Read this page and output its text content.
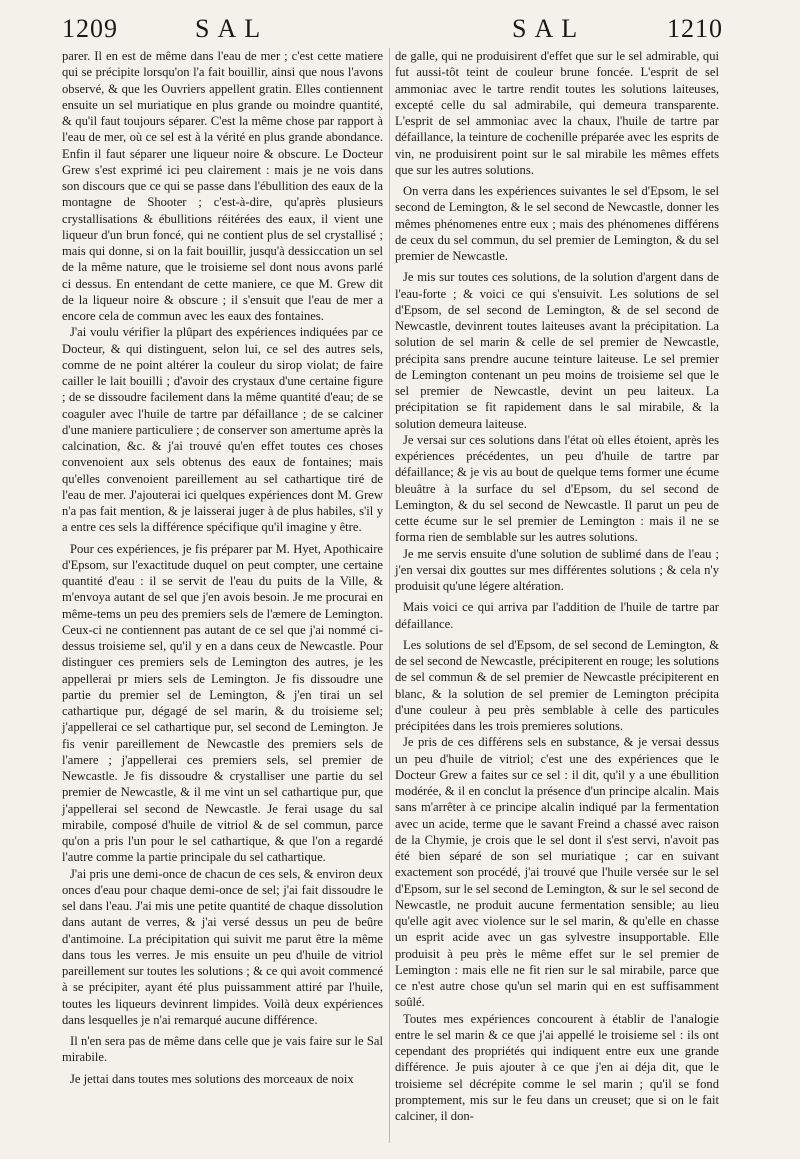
1209	SAL	SAL	1210

parer. Il en est de même dans l'eau de mer ; c'est cette matiere qui se précipite lorsqu'on l'a fait bouillir, ainsi que nous l'avons observé, & que les Ouvriers appellent gratin. Elles contiennent ensuite un sel muriatique en plus grande ou moindre quantité, & qu'il faut toujours séparer. C'est la même chose par rapport à l'eau de mer, où ce sel est à la vérité en plus grande abondance. Enfin il faut séparer une liqueur noire & obscure. Le Docteur Grew s'est exprimé ici peu clairement : mais je ne vois dans son discours que ce qui se passe dans l'ébullition des eaux de la montagne de Shooter ; c'est-à-dire, qu'après plusieurs crystallisations & ébullitions réitérées des eaux, il vient une liqueur d'un brun foncé, qui ne contient plus de sel crystallisé ; mais qui donne, si on la fait bouillir, jusqu'à dessiccation un sel de la même nature, que le troisieme sel dont nous avons parlé ci dessus. En entendant de cette maniere, ce que M. Grew dit de la liqueur noire & obscure ; il s'ensuit que l'eau de mer a encore cela de commun avec les eaux des fontaines.

J'ai voulu vérifier la plûpart des expériences indiquées par ce Docteur, & qui distinguent, selon lui, ce sel des autres sels, comme de ne point altérer la couleur du sirop violat; de faire cailler le lait bouilli ; d'avoir des crystaux d'une certaine figure ; de se dissoudre facilement dans la même quantité d'eau; de se coaguler avec l'huile de tartre par défaillance ; de se calciner d'une maniere particuliere ; de conserver son amertume après la calcination, &c. & j'ai trouvé qu'en effet toutes ces choses convenoient aux sels obtenus des eaux de fontaines; mais qu'elles convenoient pareillement au sel cathartique tiré de l'eau de mer. J'ajouterai ici quelques expériences dont M. Grew n'a pas fait mention, & je laisserai juger à de plus habiles, s'il y a entre ces sels la différence spécifique qu'il imagine y être.

Pour ces expériences, je fis préparer par M. Hyet, Apothicaire d'Epsom, sur l'exactitude duquel on peut compter, une certaine quantité d'eau : il se servit de l'eau du puits de la Ville, & m'envoya autant de sel que j'en avois besoin. Je me procurai en même-tems un peu des premiers sels de l'æmere de Lemington. Ceux-ci ne contiennent pas autant de ce sel que j'ai nommé ci-dessus troisieme sel, qu'il y en a dans ceux de Newcastle. Pour distinguer ces premiers sels de Lemington des autres, je les appellerai pr miers sels de Lemington. Je fis dissoudre une partie du premier sel de Lemington, & j'en tirai un sel cathartique pur, dégagé de sel marin, & du troisieme sel; j'appellerai ce sel cathartique pur, sel second de Lemington. Je fis venir pareillement de Newcastle des premiers sels de l'amere ; j'appellerai ces premiers sels, sel premier de Newcastle. Je fis dissoudre & crystalliser une partie du sel premier de Newcastle, & il me vint un sel cathartique pur, que j'appellerai sel second de Newcastle. Je ferai usage du sal mirabile, composé d'huile de vitriol & de sel commun, parce qu'on a pris l'un pour le sel cathartique, & que l'on a regardé l'autre comme la partie principale du sel cathartique.

J'ai pris une demi-once de chacun de ces sels, & environ deux onces d'eau pour chaque demi-once de sel; j'ai fait dissoudre le sel dans l'eau. J'ai mis une petite quantité de chaque dissolution dans autant de verres, & j'ai versé dessus un peu de beûre d'antimoine. La précipitation qui suivit me parut être la même dans tous les verres. Je mis ensuite un peu d'huile de vitriol pareillement sur toutes les solutions ; & ce qui avoit commencé à se précipiter, ayant été plus puissamment attiré par l'huile, toutes les liqueurs devinrent limpides. Voilà deux expériences dans lesquelles je n'ai remarqué aucune différence.

Il n'en sera pas de même dans celle que je vais faire sur le Sal mirabile.

Je jettai dans toutes mes solutions des morceaux de noix

de galle, qui ne produisirent d'effet que sur le sel admirable, qui fut aussi-tôt teint de couleur brune foncée. L'esprit de sel ammoniac avec le tartre rendit toutes les solutions laiteuses, excepté celle du sal admirabile, qui demeura transparente. L'esprit de sel ammoniac avec la chaux, l'huile de tartre par défaillance, la teinture de cochenille préparée avec les esprits de vin, ne produisirent point sur le sal mirabile les mêmes effets que sur les autres solutions.

On verra dans les expériences suivantes le sel d'Epsom, le sel second de Lemington, & le sel second de Newcastle, donner les mêmes phénomenes entre eux ; mais des phénomenes différens de ceux du sel commun, du sel premier de Lemington, & du sel premier de Newcastle.

Je mis sur toutes ces solutions, de la solution d'argent dans de l'eau-forte ; & voici ce qui s'ensuivit. Les solutions de sel d'Epsom, de sel second de Lemington, & de sel second de Newcastle, devinrent toutes laiteuses avant la précipitation. La solution de sel marin & celle de sel premier de Newcastle, précipita sans prendre aucune teinture laiteuse. Le sel premier de Lemington contenant un peu moins de troisieme sel que le sel premier de Newcastle, devint un peu laiteux. La précipitation se fit rapidement dans le sal mirabile, & la solution demeura laiteuse.

Je versai sur ces solutions dans l'état où elles étoient, après les expériences précédentes, un peu d'huile de tartre par défaillance; & je vis au bout de quelque tems former une écume bleuâtre à la surface du sel d'Epsom, du sel second de Lemington, & du sel second de Newcastle. Il parut un peu de cette écume sur le sel premier de Lemington : mais il ne se forma rien de semblable sur les autres solutions.

Je me servis ensuite d'une solution de sublimé dans de l'eau ; j'en versai dix gouttes sur mes différentes solutions ; & cela n'y produisit qu'une légere altération.

Mais voici ce qui arriva par l'addition de l'huile de tartre par défaillance.

Les solutions de sel d'Epsom, de sel second de Lemington, & de sel second de Newcastle, précipiterent en rouge; les solutions de sel commun & de sel premier de Newcastle précipiterent en blanc, & la solution de sel premier de Lemington précipita d'une couleur à peu près semblable à celle des particules précipitées dans les trois premieres solutions.

Je pris de ces différens sels en substance, & je versai dessus un peu d'huile de vitriol; c'est une des expériences que le Docteur Grew a faites sur ce sel : il dit, qu'il y a une ébullition modérée, & il en conclut la présence d'un principe alcalin. Mais sans m'arrêter à ce principe alcalin indiqué par la fermentation avec un acide, terme que le savant Freind a chassé avec raison de la Chymie, je crois que le sel dont il s'est servi, n'avoit pas été bien séparé de son sel muriatique ; car en suivant exactement son procédé, j'ai trouvé que l'huile versée sur le sel d'Epsom, sur le sel second de Lemington, & sur le sel second de Newcastle, ne produit aucune fermentation sensible; au lieu qu'elle agit avec violence sur le sel marin, & qu'elle en chasse un esprit acide avec un gas sylvestre insupportable. Elle produisit à peu près le même effet sur le sel premier de Lemington : mais elle ne fit rien sur le sal mirabile, parce que ce n'est autre chose qu'un sel marin qui en est suffisamment soûlé.

Toutes mes expériences concourent à établir de l'analogie entre le sel marin & ce que j'ai appellé le troisieme sel : ils ont cependant des propriétés qui indiquent entre eux une grande différence. Je puis ajouter à ce que j'en ai déja dit, que le troisieme sel décrépite comme le sel marin ; qu'il se fond promptement, mis sur le feu dans un creuset; que si on le fait calciner, il don-
